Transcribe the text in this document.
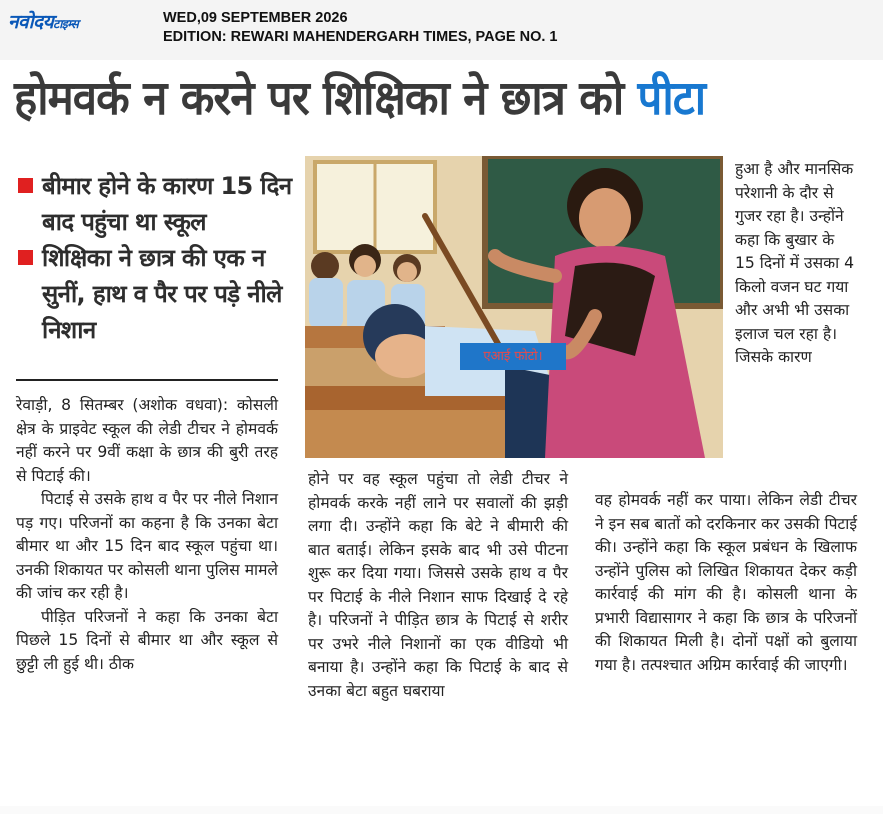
नवोदयटाइम्स	WED,09 SEPTEMBER 2026
EDITION: REWARI MAHENDERGARH TIMES, PAGE NO. 1
होमवर्क न करने पर शिक्षिका ने छात्र को पीटा
बीमार होने के कारण 15 दिन बाद पहुंचा था स्कूल
शिक्षिका ने छात्र की एक न सुनीं, हाथ व पैर पर पड़े नीले निशान

रेवाड़ी, 8 सितम्बर (अशोक वधवा): कोसली क्षेत्र के प्राइवेट स्कूल की लेडी टीचर ने होमवर्क नहीं करने पर 9वीं कक्षा के छात्र की बुरी तरह से पिटाई की।

पिटाई से उसके हाथ व पैर पर नीले निशान पड़ गए। परिजनों का कहना है कि उनका बेटा बीमार था और 15 दिन बाद स्कूल पहुंचा था। उनकी शिकायत पर कोसली थाना पुलिस मामले की जांच कर रही है।

पीड़ित परिजनों ने कहा कि उनका बेटा पिछले 15 दिनों से बीमार था और स्कूल से छुट्टी ली हुई थी। ठीक

एआई फोटो।

होने पर वह स्कूल पहुंचा तो लेडी टीचर ने होमवर्क करके नहीं लाने पर सवालों की झड़ी लगा दी। उन्होंने कहा कि बेटे ने बीमारी की बात बताई। लेकिन इसके बाद भी उसे पीटना शुरू कर दिया गया। जिससे उसके हाथ व पैर पर पिटाई के नीले निशान साफ दिखाई दे रहे है। परिजनों ने पीड़ित छात्र के पिटाई से शरीर पर उभरे नीले निशानों का एक वीडियो भी बनाया है। उन्होंने कहा कि पिटाई के बाद से उनका बेटा बहुत घबराया

हुआ है और मानसिक परेशानी के दौर से गुजर रहा है। उन्होंने कहा कि बुखार के 15 दिनों में उसका 4 किलो वजन घट गया और अभी भी उसका इलाज चल रहा है। जिसके कारण

वह होमवर्क नहीं कर पाया। लेकिन लेडी टीचर ने इन सब बातों को दरकिनार कर उसकी पिटाई की। उन्होंने कहा कि स्कूल प्रबंधन के खिलाफ उन्होंने पुलिस को लिखित शिकायत देकर कड़ी कार्रवाई की मांग की है। कोसली थाना के प्रभारी विद्यासागर ने कहा कि छात्र के परिजनों की शिकायत मिली है। दोनों पक्षों को बुलाया गया है। तत्पश्चात अग्रिम कार्रवाई की जाएगी।
